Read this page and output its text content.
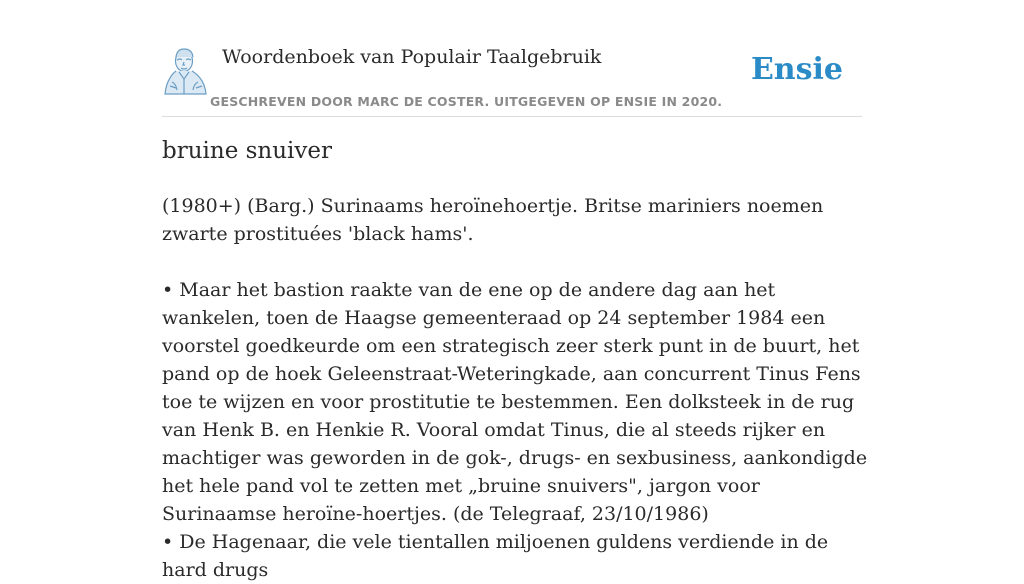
Woordenboek van Populair Taalgebruik
GESCHREVEN DOOR MARC DE COSTER. UITGEGEVEN OP ENSIE IN 2020.
Ensie
bruine snuiver

(1980+) (Barg.) Surinaams heroïnehoertje. Britse mariniers noemen zwarte prostituées 'black hams'.

• Maar het bastion raakte van de ene op de andere dag aan het wankelen, toen de Haagse gemeenteraad op 24 september 1984 een voorstel goedkeurde om een strategisch zeer sterk punt in de buurt, het pand op de hoek Geleenstraat-Weteringkade, aan concurrent Tinus Fens toe te wijzen en voor prostitutie te bestemmen. Een dolksteek in de rug van Henk B. en Henkie R. Vooral omdat Tinus, die al steeds rijker en machtiger was geworden in de gok-, drugs- en sexbusiness, aankondigde het hele pand vol te zetten met „bruine snuivers", jargon voor Surinaamse heroïne-hoertjes. (de Telegraaf, 23/10/1986)

• De Hagenaar, die vele tientallen miljoenen guldens verdiende in de hard drugs
